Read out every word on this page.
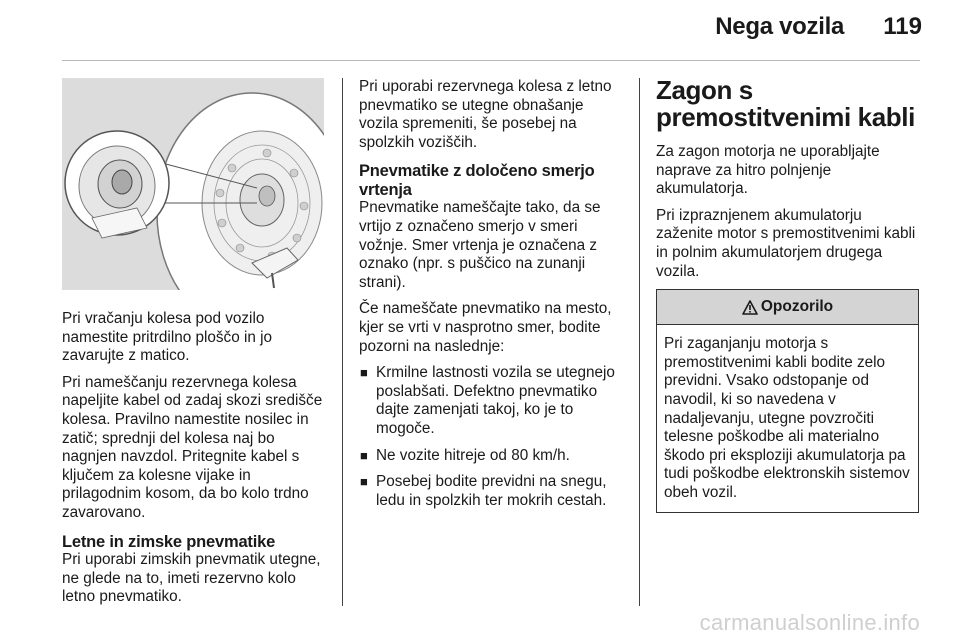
Nega vozila 119

Pri vračanju kolesa pod vozilo namestite pritrdilno ploščo in jo zavarujte z matico.

Pri nameščanju rezervnega kolesa napeljite kabel od zadaj skozi središče kolesa. Pravilno namestite nosilec in zatič; sprednji del kolesa naj bo nagnjen navzdol. Pritegnite kabel s ključem za kolesne vijake in prilagodnim kosom, da bo kolo trdno zavarovano.

Letne in zimske pnevmatike

Pri uporabi zimskih pnevmatik utegne, ne glede na to, imeti rezervno kolo letno pnevmatiko.

Pri uporabi rezervnega kolesa z letno pnevmatiko se utegne obnašanje vozila spremeniti, še posebej na spolzkih voziščih.

Pnevmatike z določeno smerjo vrtenja

Pnevmatike nameščajte tako, da se vrtijo z označeno smerjo v smeri vožnje. Smer vrtenja je označena z oznako (npr. s puščico na zunanji strani).

Če nameščate pnevmatiko na mesto, kjer se vrti v nasprotno smer, bodite pozorni na naslednje:

■ Krmilne lastnosti vozila se utegnejo poslabšati. Defektno pnevmatiko dajte zamenjati takoj, ko je to mogoče.
■ Ne vozite hitreje od 80 km/h.
■ Posebej bodite previdni na snegu, ledu in spolzkih ter mokrih cestah.
Zagon s premostitvenimi kabli

Za zagon motorja ne uporabljajte naprave za hitro polnjenje akumulatorja.

Pri izpraznjenem akumulatorju zaženite motor s premostitvenimi kabli in polnim akumulatorjem drugega vozila.

Opozorilo
Pri zaganjanju motorja s premostitvenimi kabli bodite zelo previdni. Vsako odstopanje od navodil, ki so navedena v nadaljevanju, utegne povzročiti telesne poškodbe ali materialno škodo pri eksploziji akumulatorja pa tudi poškodbe elektronskih sistemov obeh vozil.
carmanualsonline.info
